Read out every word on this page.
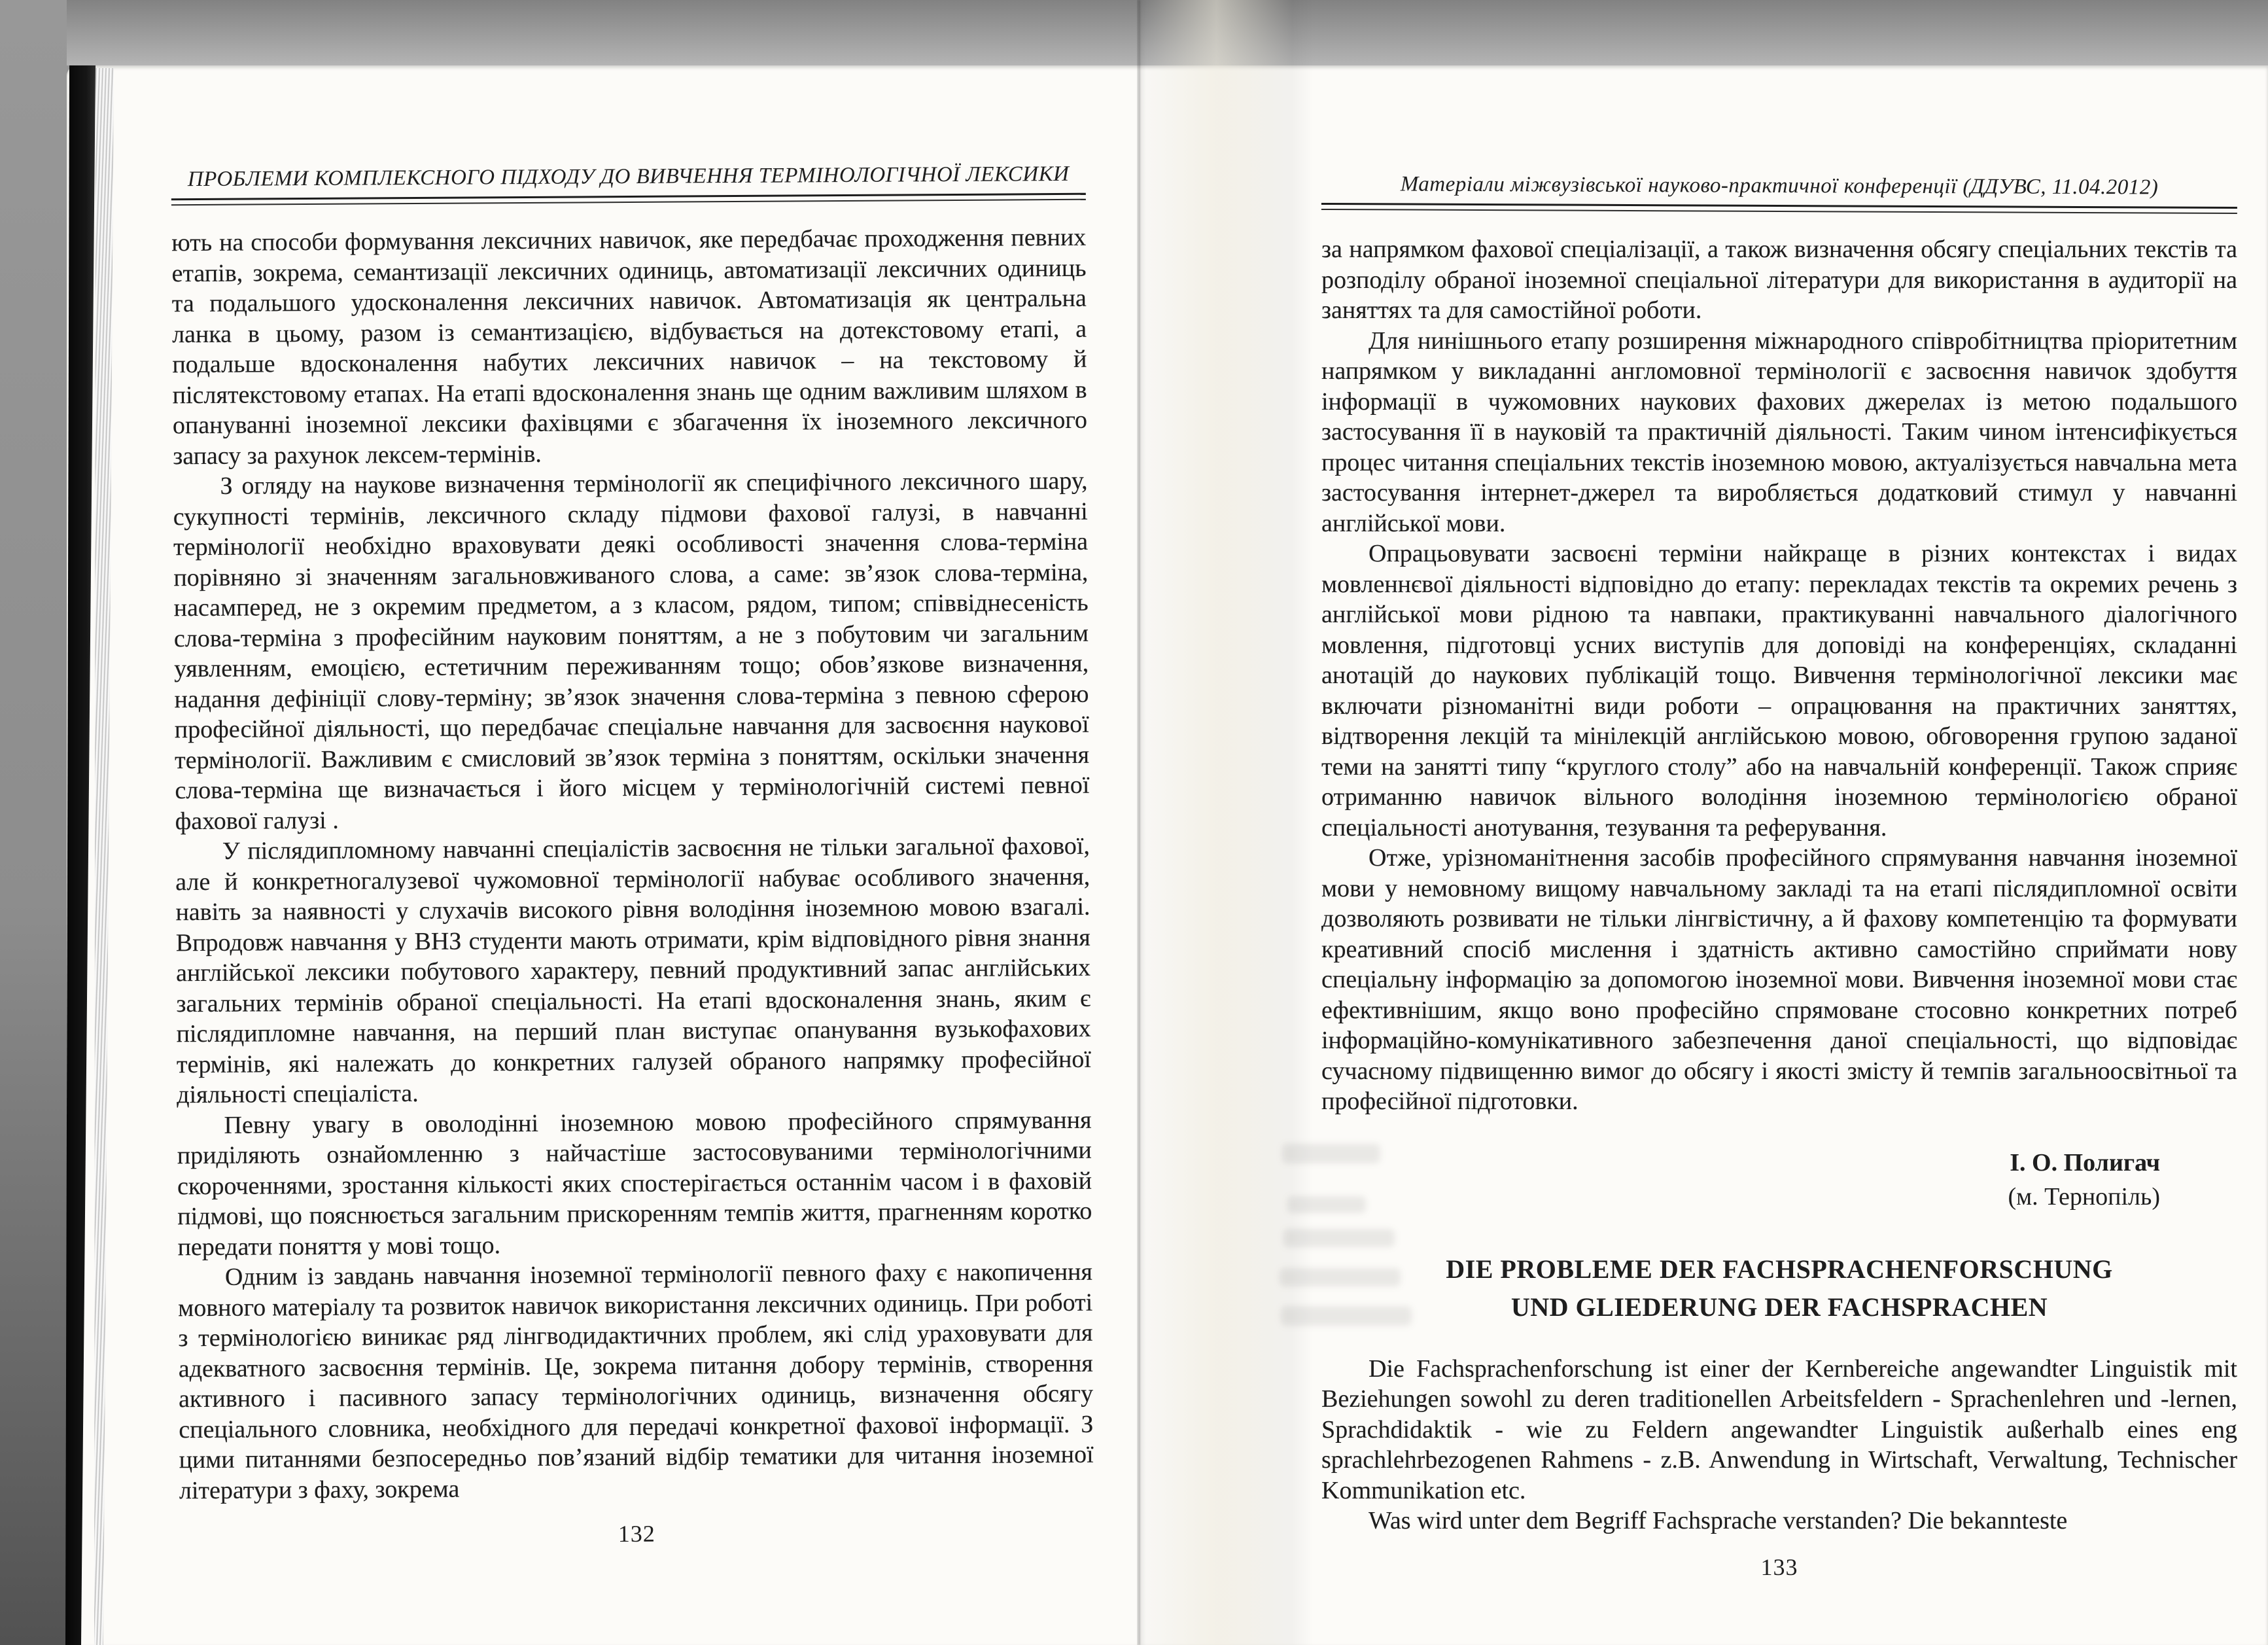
ПРОБЛЕМИ КОМПЛЕКСНОГО ПІДХОДУ ДО ВИВЧЕННЯ ТЕРМІНОЛОГІЧНОЇ ЛЕКСИКИ

ють на способи формування лексичних навичок, яке передбачає проходження певних етапів, зокрема, семантизації лексичних одиниць, автоматизації лексичних одиниць та подальшого удосконалення лексичних навичок. Автоматизація як центральна ланка в цьому, разом із семантизацією, відбувається на дотекстовому етапі, а подальше вдосконалення набутих лексичних навичок – на текстовому й післятекстовому етапах. На етапі вдосконалення знань ще одним важливим шляхом в опануванні іноземної лексики фахівцями є збагачення їх іноземного лексичного запасу за рахунок лексем-термінів.

З огляду на наукове визначення термінології як специфічного лексичного шару, сукупності термінів, лексичного складу підмови фахової галузі, в навчанні термінології необхідно враховувати деякі особливості значення слова-терміна порівняно зі значенням загальновживаного слова, а саме: зв’язок слова-терміна, насамперед, не з окремим предметом, а з класом, рядом, типом; співвіднесеність слова-терміна з професійним науковим поняттям, а не з побутовим чи загальним уявленням, емоцією, естетичним переживанням тощо; обов’язкове визначення, надання дефініції слову-терміну; зв’язок значення слова-терміна з певною сферою професійної діяльності, що передбачає спеціальне навчання для засвоєння наукової термінології. Важливим є смисловий зв’язок терміна з поняттям, оскільки значення слова-терміна ще визначається і його місцем у термінологічній системі певної фахової галузі .

У післядипломному навчанні спеціалістів засвоєння не тільки загальної фахової, але й конкретногалузевої чужомовної термінології набуває особливого значення, навіть за наявності у слухачів високого рівня володіння іноземною мовою взагалі. Впродовж навчання у ВНЗ студенти мають отримати, крім відповідного рівня знання англійської лексики побутового характеру, певний продуктивний запас англійських загальних термінів обраної спеціальності. На етапі вдосконалення знань, яким є післядипломне навчання, на перший план виступає опанування вузькофахових термінів, які належать до конкретних галузей обраного напрямку професійної діяльності спеціаліста.

Певну увагу в оволодінні іноземною мовою професійного спрямування приділяють ознайомленню з найчастіше застосовуваними термінологічними скороченнями, зростання кількості яких спостерігається останнім часом і в фаховій підмові, що пояснюється загальним прискоренням темпів життя, прагненням коротко передати поняття у мові тощо.

Одним із завдань навчання іноземної термінології певного фаху є накопичення мовного матеріалу та розвиток навичок використання лексичних одиниць. При роботі з термінологією виникає ряд лінгводидактичних проблем, які слід ураховувати для адекватного засвоєння термінів. Це, зокрема питання добору термінів, створення активного і пасивного запасу термінологічних одиниць, визначення обсягу спеціального словника, необхідного для передачі конкретної фахової інформації. З цими питаннями безпосередньо пов’язаний відбір тематики для читання іноземної літератури з фаху, зокрема

132
Матеріали міжвузівської науково-практичної конференції (ДДУВС, 11.04.2012)

за напрямком фахової спеціалізації, а також визначення обсягу спеціальних текстів та розподілу обраної іноземної спеціальної літератури для використання в аудиторії на заняттях та для самостійної роботи.

Для нинішнього етапу розширення міжнародного співробітництва пріоритетним напрямком у викладанні англомовної термінології є засвоєння навичок здобуття інформації в чужомовних наукових фахових джерелах із метою подальшого застосування її в науковій та практичній діяльності. Таким чином інтенсифікується процес читання спеціальних текстів іноземною мовою, актуалізується навчальна мета застосування інтернет-джерел та виробляється додатковий стимул у навчанні англійської мови.

Опрацьовувати засвоєні терміни найкраще в різних контекстах і видах мовленнєвої діяльності відповідно до етапу: перекладах текстів та окремих речень з англійської мови рідною та навпаки, практикуванні навчального діалогічного мовлення, підготовці усних виступів для доповіді на конференціях, складанні анотацій до наукових публікацій тощо. Вивчення термінологічної лексики має включати різноманітні види роботи – опрацювання на практичних заняттях, відтворення лекцій та мінілекцій англійською мовою, обговорення групою заданої теми на занятті типу “круглого столу” або на навчальній конференції. Також сприяє отриманню навичок вільного володіння іноземною термінологією обраної спеціальності анотування, тезування та реферування.

Отже, урізноманітнення засобів професійного спрямування навчання іноземної мови у немовному вищому навчальному закладі та на етапі післядипломної освіти дозволяють розвивати не тільки лінгвістичну, а й фахову компетенцію та формувати креативний спосіб мислення і здатність активно самостійно сприймати нову спеціальну інформацію за допомогою іноземної мови. Вивчення іноземної мови стає ефективнішим, якщо воно професійно спрямоване стосовно конкретних потреб інформаційно-комунікативного забезпечення даної спеціальності, що відповідає сучасному підвищенню вимог до обсягу і якості змісту й темпів загальноосвітньої та професійної підготовки.

І. О. Полигач
(м. Тернопіль)
DIE PROBLEME DER FACHSPRACHENFORSCHUNG
UND GLIEDERUNG DER FACHSPRACHEN

Die Fachsprachenforschung ist einer der Kernbereiche angewandter Linguistik mit Beziehungen sowohl zu deren traditionellen Arbeitsfeldern - Sprachenlehren und -lernen, Sprachdidaktik - wie zu Feldern angewandter Linguistik außerhalb eines eng sprachlehrbezogenen Rahmens - z.B. Anwendung in Wirtschaft, Verwaltung, Technischer Kommunikation etc.

Was wird unter dem Begriff Fachsprache verstanden? Die bekannteste

133
